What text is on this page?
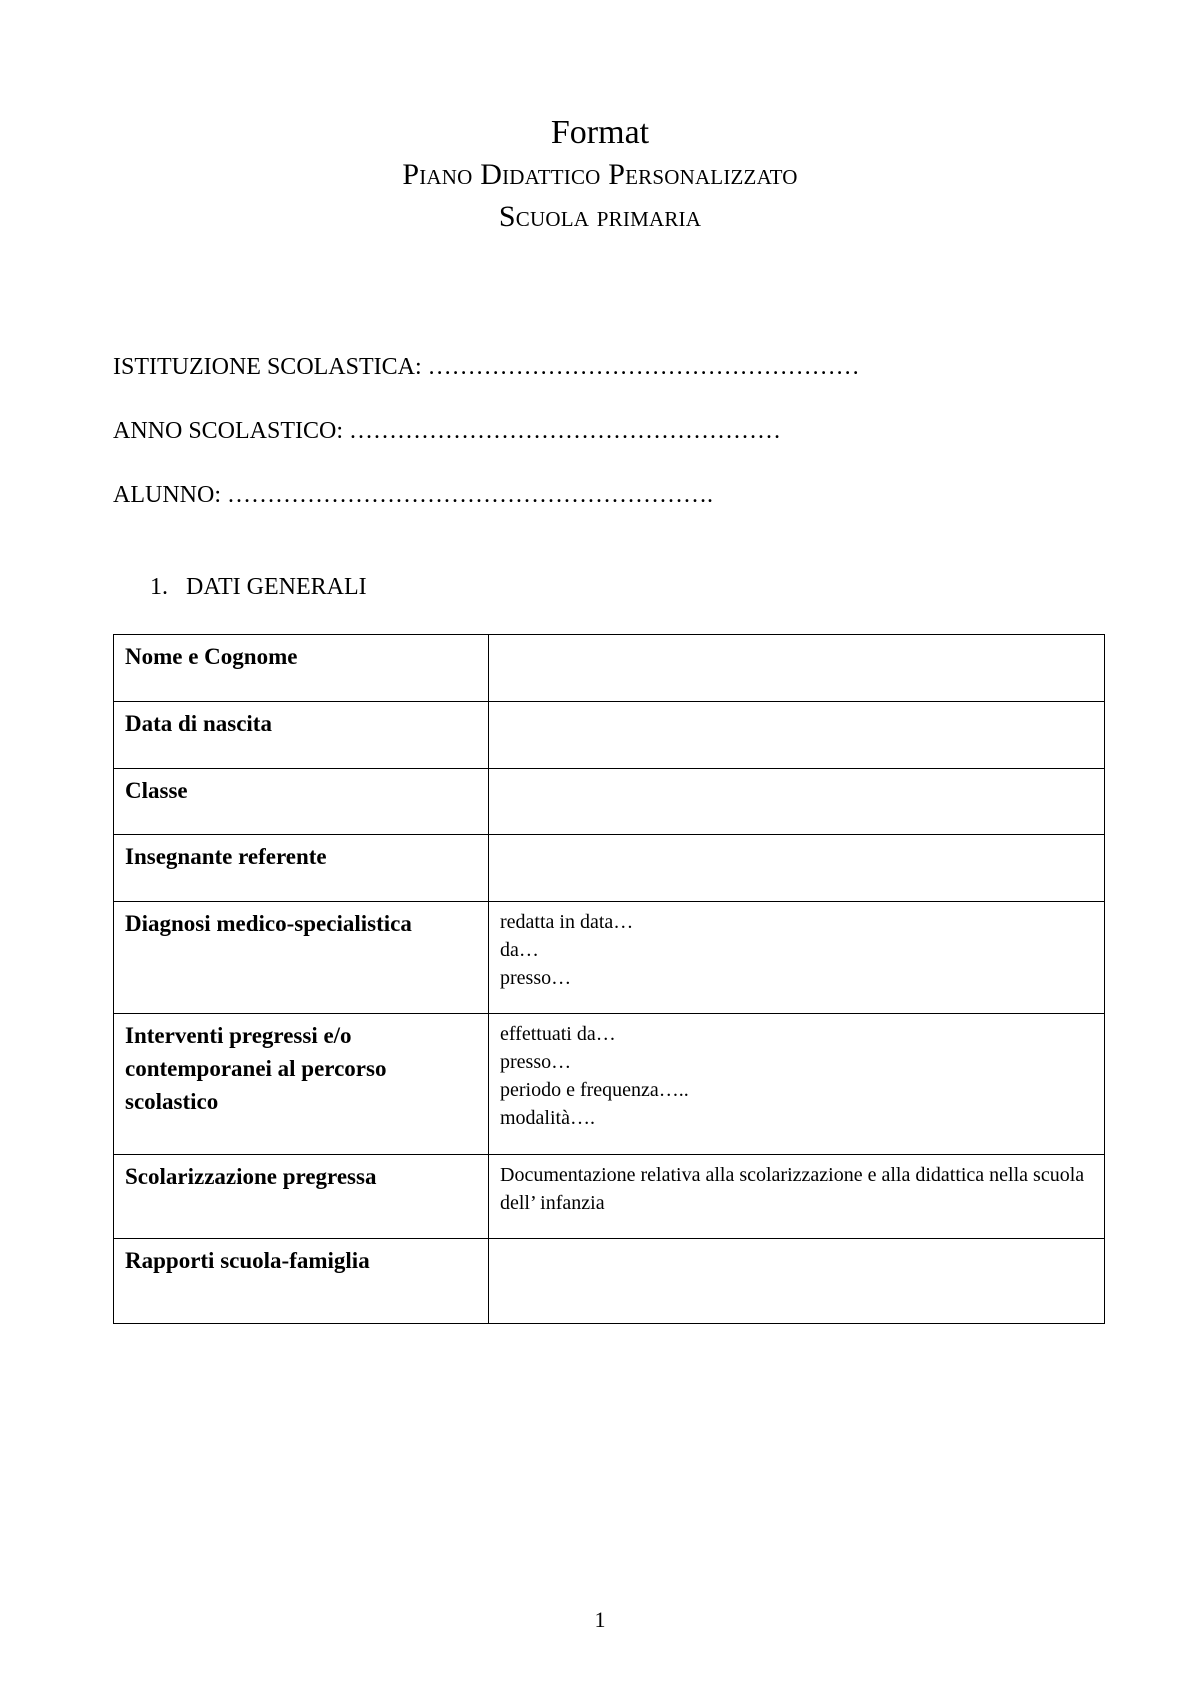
Format
Piano Didattico Personalizzato
Scuola primaria
ISTITUZIONE SCOLASTICA: ………………………………………………
ANNO SCOLASTICO: ………………………………………………
ALUNNO: …………………………………………………….
1. DATI GENERALI
Nome e Cognome	
Data di nascita	
Classe	
Insegnante referente	
Diagnosi medico-specialistica	redatta in data…
da…
presso…

Interventi pregressi e/o contemporanei al percorso scolastico	effettuati da…
presso…
periodo e frequenza…..
modalità….

Scolarizzazione pregressa	Documentazione relativa alla scolarizzazione e alla didattica nella scuola dell’ infanzia

Rapporti scuola-famiglia	
1
